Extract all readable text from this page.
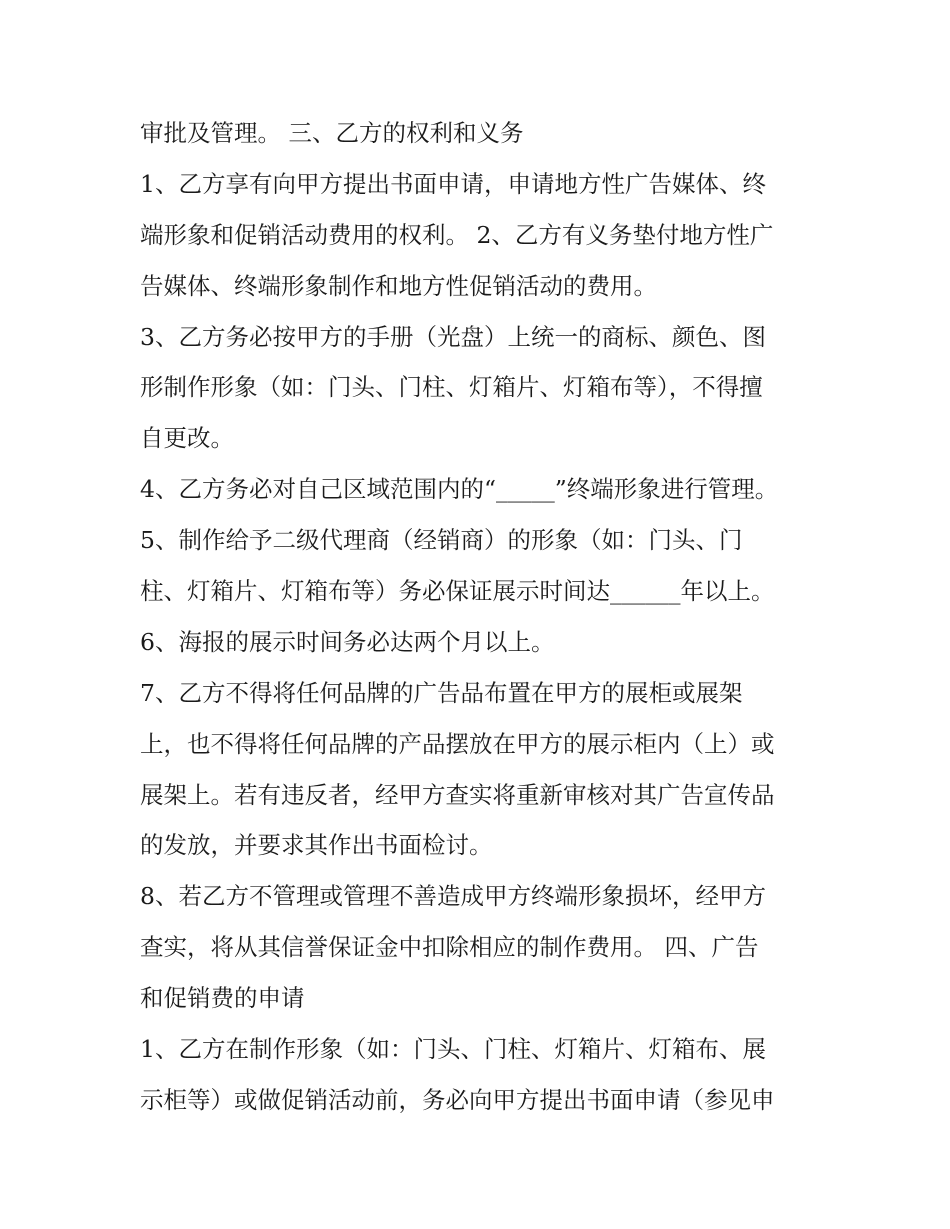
审批及管理。 三、乙方的权利和义务
1、乙方享有向甲方提出书面申请，申请地方性广告媒体、终
端形象和促销活动费用的权利。 2、乙方有义务垫付地方性广
告媒体、终端形象制作和地方性促销活动的费用。
3、乙方务必按甲方的手册（光盘）上统一的商标、颜色、图
形制作形象（如：门头、门柱、灯箱片、灯箱布等），不得擅
自更改。
4、乙方务必对自己区域范围内的“_____”终端形象进行管理。
5、制作给予二级代理商（经销商）的形象（如：门头、门
柱、灯箱片、灯箱布等）务必保证展示时间达______年以上。
6、海报的展示时间务必达两个月以上。
7、乙方不得将任何品牌的广告品布置在甲方的展柜或展架
上，也不得将任何品牌的产品摆放在甲方的展示柜内（上）或
展架上。若有违反者，经甲方查实将重新审核对其广告宣传品
的发放，并要求其作出书面检讨。
8、若乙方不管理或管理不善造成甲方终端形象损坏，经甲方
查实，将从其信誉保证金中扣除相应的制作费用。 四、广告
和促销费的申请
1、乙方在制作形象（如：门头、门柱、灯箱片、灯箱布、展
示柜等）或做促销活动前，务必向甲方提出书面申请（参见申
